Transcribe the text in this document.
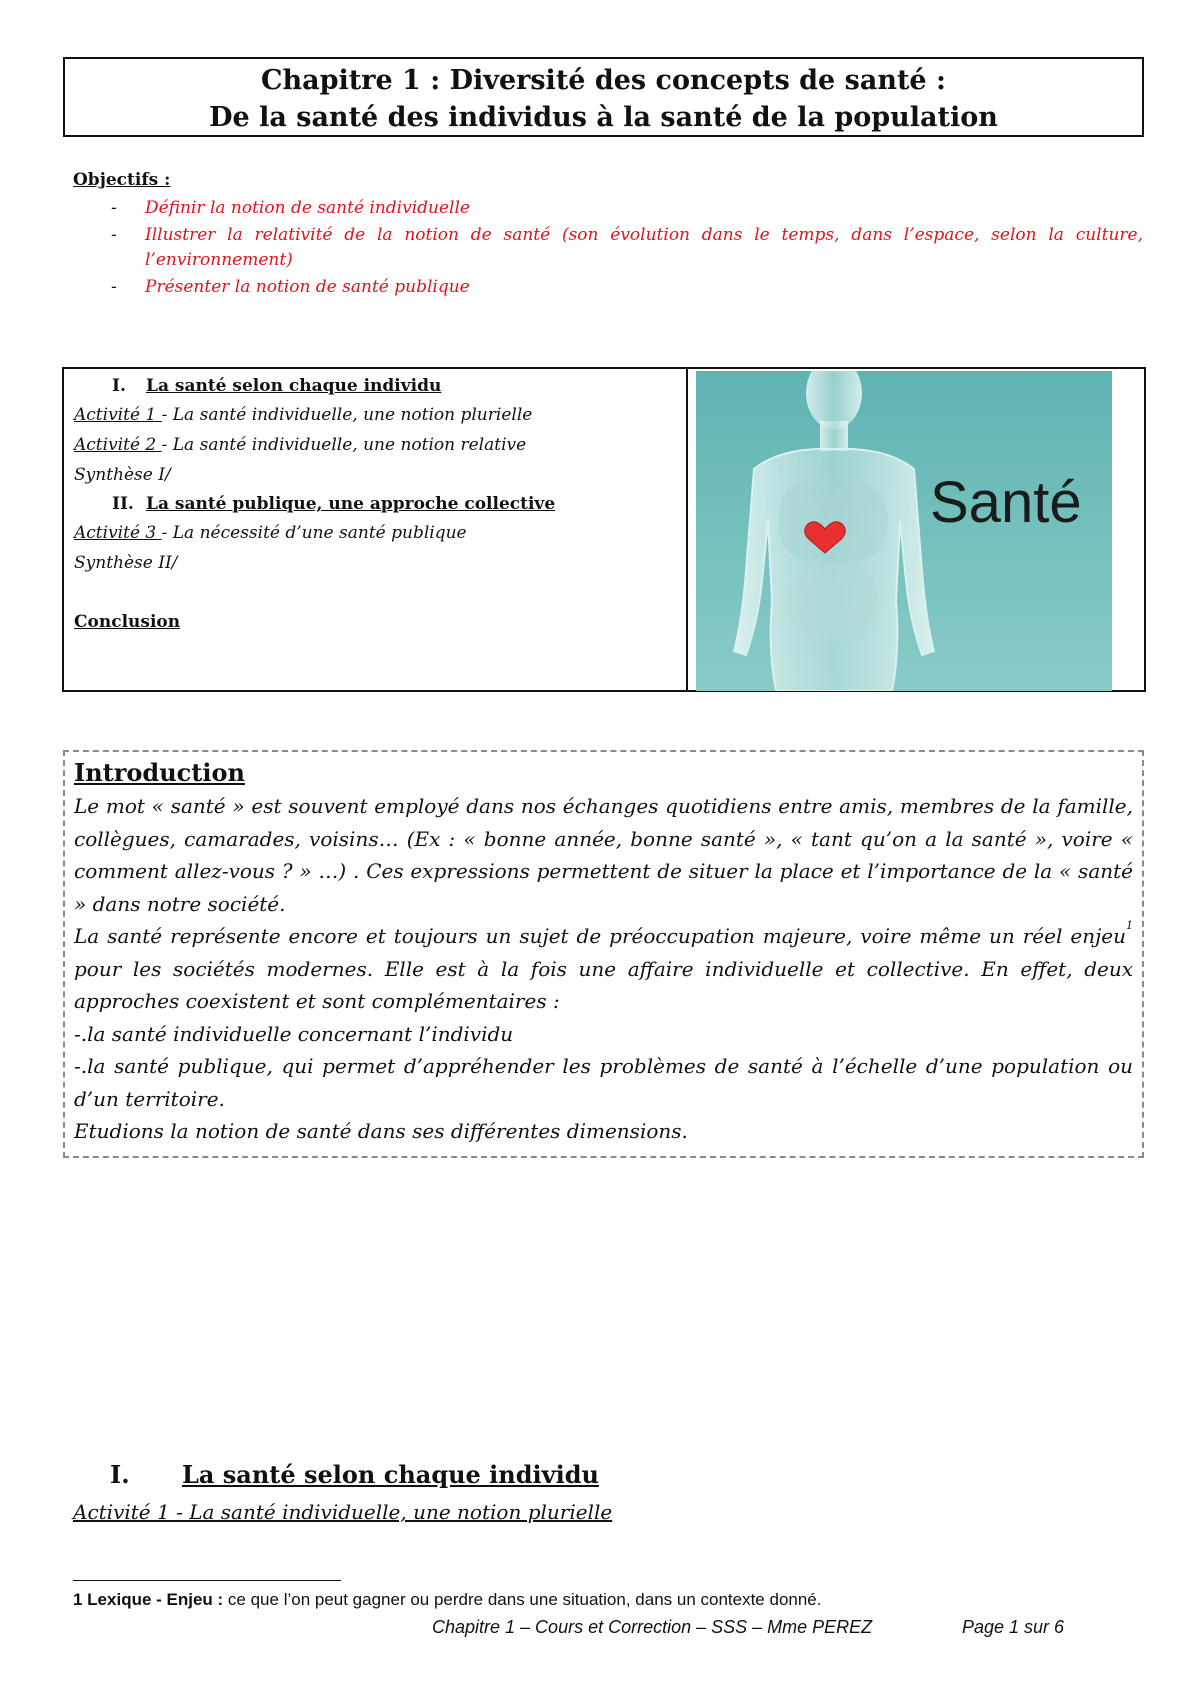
Chapitre 1 : Diversité des concepts de santé :
De la santé des individus à la santé de la population
Objectifs :
- Définir la notion de santé individuelle
- Illustrer la relativité de la notion de santé (son évolution dans le temps, dans l’espace, selon la culture, l’environnement)
- Présenter la notion de santé publique
I.	La santé selon chaque individu
Activité 1 - La santé individuelle, une notion plurielle
Activité 2 - La santé individuelle, une notion relative
Synthèse I/
II. La santé publique, une approche collective
Activité 3 - La nécessité d’une santé publique
Synthèse II/
Conclusion
Santé
Introduction

Le mot « santé » est souvent employé dans nos échanges quotidiens entre amis, membres de la famille, collègues, camarades, voisins… (Ex : « bonne année, bonne santé », « tant qu’on a la santé », voire « comment allez-vous ? » …) . Ces expressions permettent de situer la place et l’importance de la « santé » dans notre société.

La santé représente encore et toujours un sujet de préoccupation majeure, voire même un réel enjeu$^1$ pour les sociétés modernes. Elle est à la fois une affaire individuelle et collective. En effet, deux approches coexistent et sont complémentaires :

-.la santé individuelle concernant l’individu

-.la santé publique, qui permet d’appréhender les problèmes de santé à l’échelle d’une population ou d’un territoire.

Etudions la notion de santé dans ses différentes dimensions.

I.	La santé selon chaque individu
Activité 1 - La santé individuelle, une notion plurielle
1 Lexique - Enjeu : ce que l’on peut gagner ou perdre dans une situation, dans un contexte donné.
Chapitre 1 – Cours et Correction – SSS – Mme PEREZ	Page 1 sur 6
